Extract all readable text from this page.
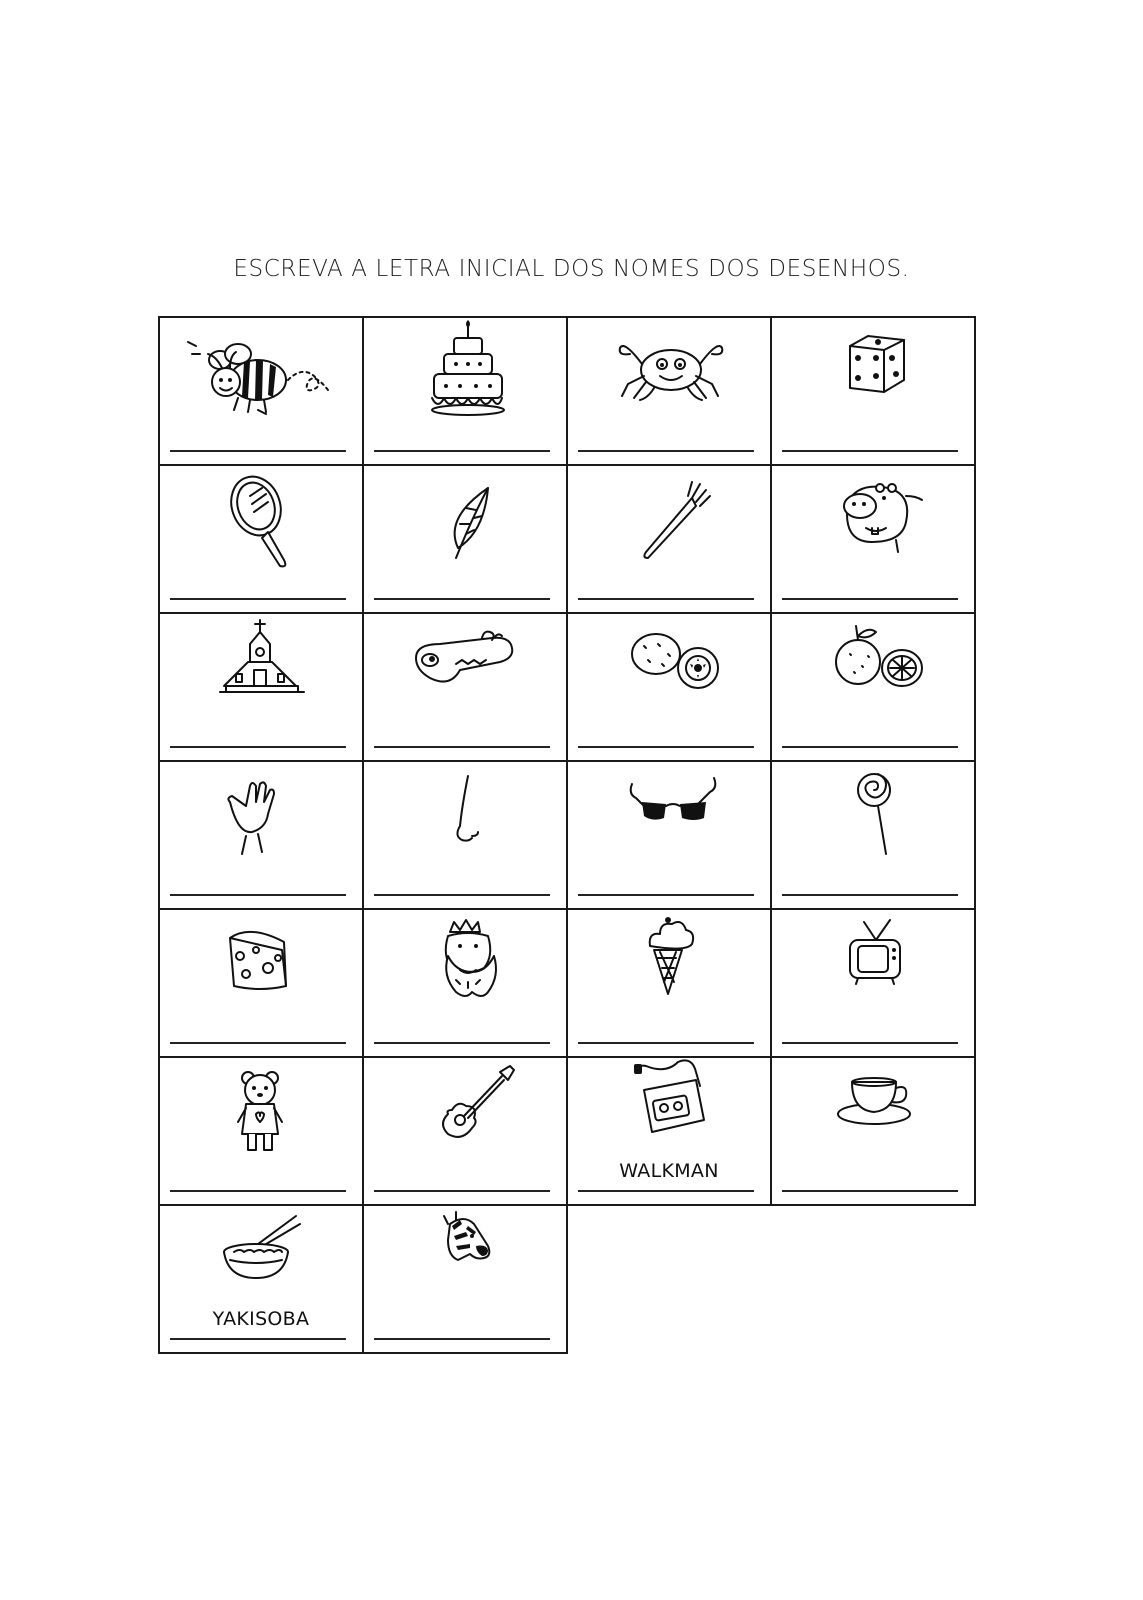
ESCREVA A LETRA INICIAL DOS NOMES DOS DESENHOS.
WALKMAN
YAKISOBA
